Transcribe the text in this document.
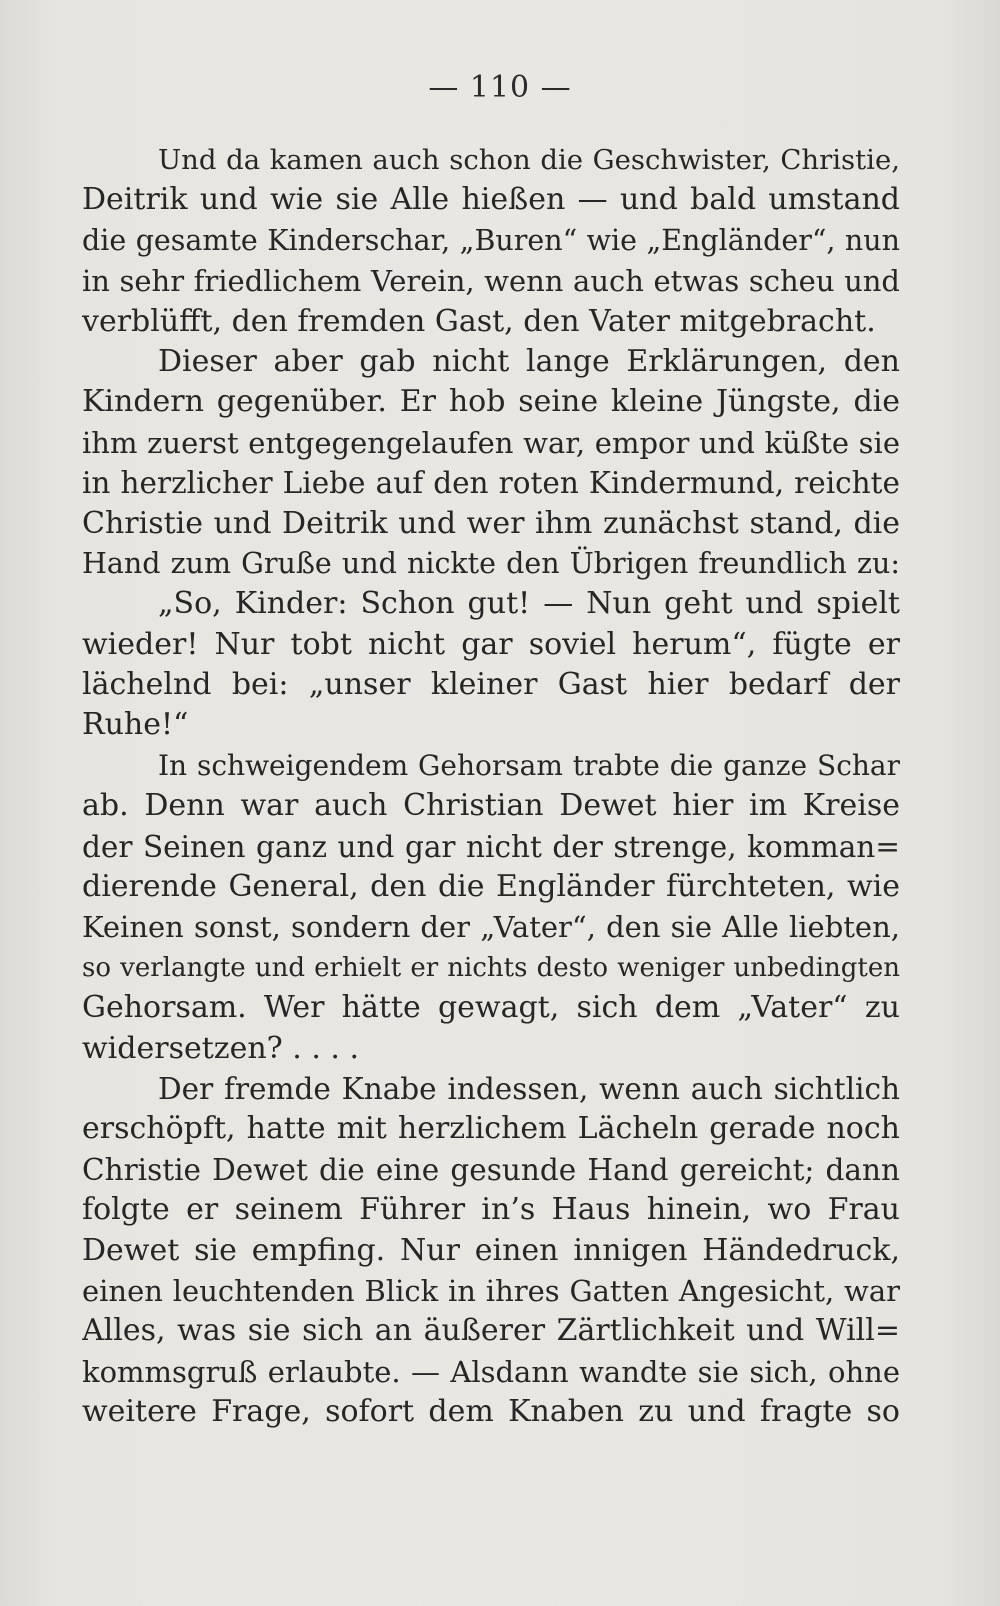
— 110 —
Und da kamen auch schon die Geschwister, Christie,
Deitrik und wie sie Alle hießen — und bald umstand
die gesamte Kinderschar, „Buren“ wie „Engländer“, nun
in sehr friedlichem Verein, wenn auch etwas scheu und
verblüfft, den fremden Gast, den Vater mitgebracht.
Dieser aber gab nicht lange Erklärungen, den
Kindern gegenüber. Er hob seine kleine Jüngste, die
ihm zuerst entgegengelaufen war, empor und küßte sie
in herzlicher Liebe auf den roten Kindermund, reichte
Christie und Deitrik und wer ihm zunächst stand, die
Hand zum Gruße und nickte den Übrigen freundlich zu:
„So, Kinder: Schon gut! — Nun geht und spielt
wieder! Nur tobt nicht gar soviel herum“, fügte er
lächelnd bei: „unser kleiner Gast hier bedarf der
Ruhe!“
In schweigendem Gehorsam trabte die ganze Schar
ab. Denn war auch Christian Dewet hier im Kreise
der Seinen ganz und gar nicht der strenge, komman=
dierende General, den die Engländer fürchteten, wie
Keinen sonst, sondern der „Vater“, den sie Alle liebten,
so verlangte und erhielt er nichts desto weniger unbedingten
Gehorsam. Wer hätte gewagt, sich dem „Vater“ zu
widersetzen? . . . .
Der fremde Knabe indessen, wenn auch sichtlich
erschöpft, hatte mit herzlichem Lächeln gerade noch
Christie Dewet die eine gesunde Hand gereicht; dann
folgte er seinem Führer in’s Haus hinein, wo Frau
Dewet sie empfing. Nur einen innigen Händedruck,
einen leuchtenden Blick in ihres Gatten Angesicht, war
Alles, was sie sich an äußerer Zärtlichkeit und Will=
kommsgruß erlaubte. — Alsdann wandte sie sich, ohne
weitere Frage, sofort dem Knaben zu und fragte so
